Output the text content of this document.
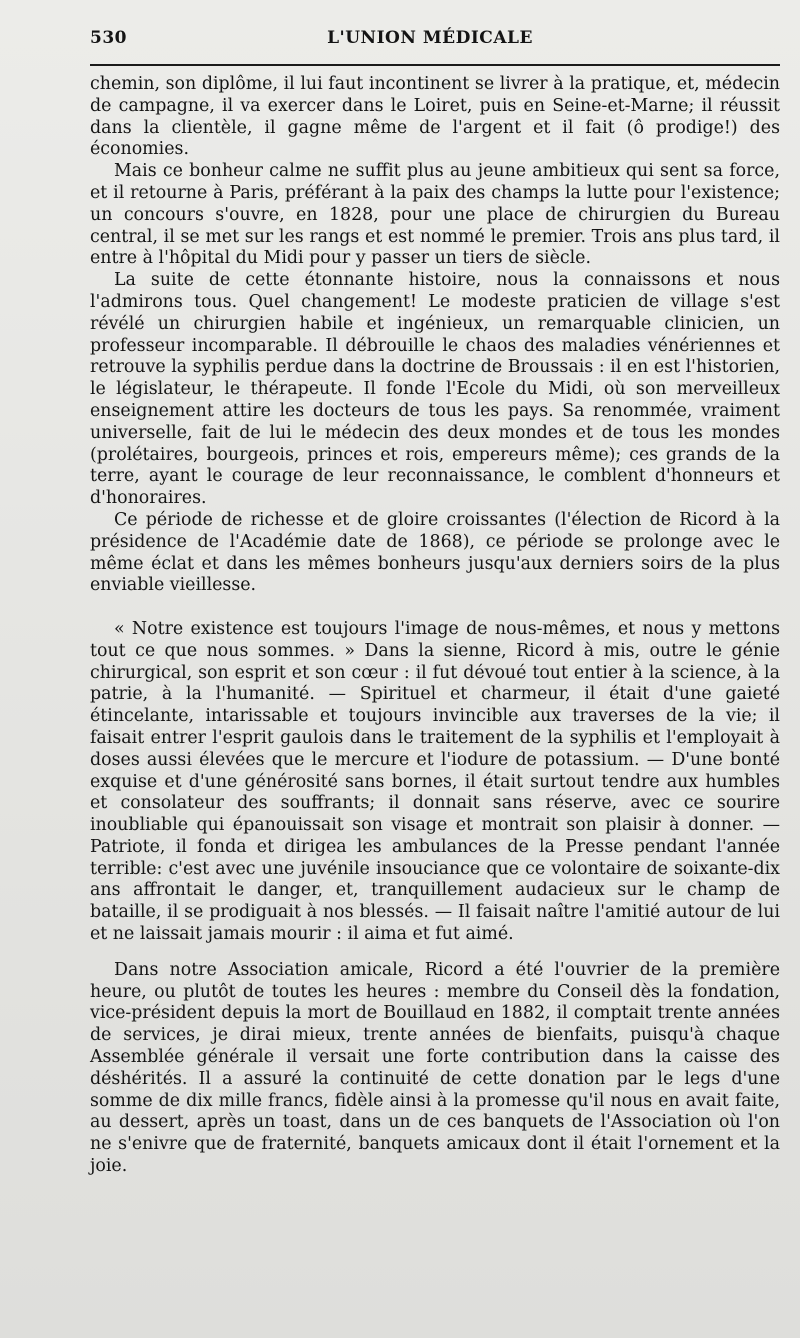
530	L'UNION MÉDICALE

chemin, son diplôme, il lui faut incontinent se livrer à la pratique, et, médecin de campagne, il va exercer dans le Loiret, puis en Seine-et-Marne; il réussit dans la clientèle, il gagne même de l'argent et il fait (ô prodige!) des économies.

Mais ce bonheur calme ne suffit plus au jeune ambitieux qui sent sa force, et il retourne à Paris, préférant à la paix des champs la lutte pour l'existence; un concours s'ouvre, en 1828, pour une place de chirurgien du Bureau central, il se met sur les rangs et est nommé le premier. Trois ans plus tard, il entre à l'hôpital du Midi pour y passer un tiers de siècle.

La suite de cette étonnante histoire, nous la connaissons et nous l'admirons tous. Quel changement! Le modeste praticien de village s'est révélé un chirurgien habile et ingénieux, un remarquable clinicien, un professeur incomparable. Il débrouille le chaos des maladies vénériennes et retrouve la syphilis perdue dans la doctrine de Broussais : il en est l'historien, le législateur, le thérapeute. Il fonde l'Ecole du Midi, où son merveilleux enseignement attire les docteurs de tous les pays. Sa renommée, vraiment universelle, fait de lui le médecin des deux mondes et de tous les mondes (prolétaires, bourgeois, princes et rois, empereurs même); ces grands de la terre, ayant le courage de leur reconnaissance, le comblent d'honneurs et d'honoraires.

Ce période de richesse et de gloire croissantes (l'élection de Ricord à la présidence de l'Académie date de 1868), ce période se prolonge avec le même éclat et dans les mêmes bonheurs jusqu'aux derniers soirs de la plus enviable vieillesse.

« Notre existence est toujours l'image de nous-mêmes, et nous y mettons tout ce que nous sommes. » Dans la sienne, Ricord à mis, outre le génie chirurgical, son esprit et son cœur : il fut dévoué tout entier à la science, à la patrie, à la l'humanité. — Spirituel et charmeur, il était d'une gaieté étincelante, intarissable et toujours invincible aux traverses de la vie; il faisait entrer l'esprit gaulois dans le traitement de la syphilis et l'employait à doses aussi élevées que le mercure et l'iodure de potassium. — D'une bonté exquise et d'une générosité sans bornes, il était surtout tendre aux humbles et consolateur des souffrants; il donnait sans réserve, avec ce sourire inoubliable qui épanouissait son visage et montrait son plaisir à donner. — Patriote, il fonda et dirigea les ambulances de la Presse pendant l'année terrible: c'est avec une juvénile insouciance que ce volontaire de soixante-dix ans affrontait le danger, et, tranquillement audacieux sur le champ de bataille, il se prodiguait à nos blessés. — Il faisait naître l'amitié autour de lui et ne laissait jamais mourir : il aima et fut aimé.

Dans notre Association amicale, Ricord a été l'ouvrier de la première heure, ou plutôt de toutes les heures : membre du Conseil dès la fondation, vice-président depuis la mort de Bouillaud en 1882, il comptait trente années de services, je dirai mieux, trente années de bienfaits, puisqu'à chaque Assemblée générale il versait une forte contribution dans la caisse des déshérités. Il a assuré la continuité de cette donation par le legs d'une somme de dix mille francs, fidèle ainsi à la promesse qu'il nous en avait faite, au dessert, après un toast, dans un de ces banquets de l'Association où l'on ne s'enivre que de fraternité, banquets amicaux dont il était l'ornement et la joie.
